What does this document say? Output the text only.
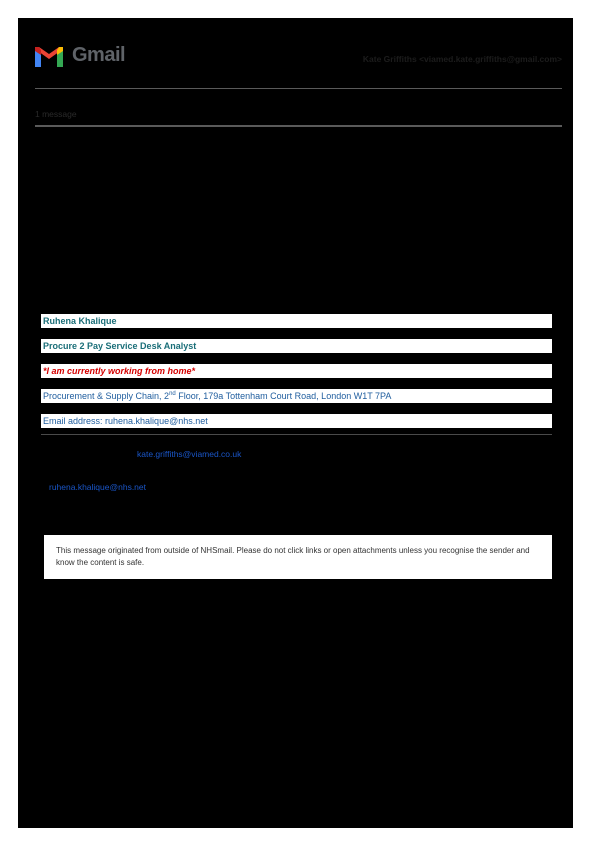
Gmail	Kate Griffiths <viamed.kate.griffiths@gmail.com>
1 message
Ruhena Khalique
Procure 2 Pay Service Desk Analyst
*I am currently working from home*
Procurement & Supply Chain, 2nd Floor, 179a Tottenham Court Road, London W1T 7PA
Email address: ruhena.khalique@nhs.net
kate.griffiths@viamed.co.uk
ruhena.khalique@nhs.net
This message originated from outside of NHSmail. Please do not click links or open attachments unless you recognise the sender and know the content is safe.
